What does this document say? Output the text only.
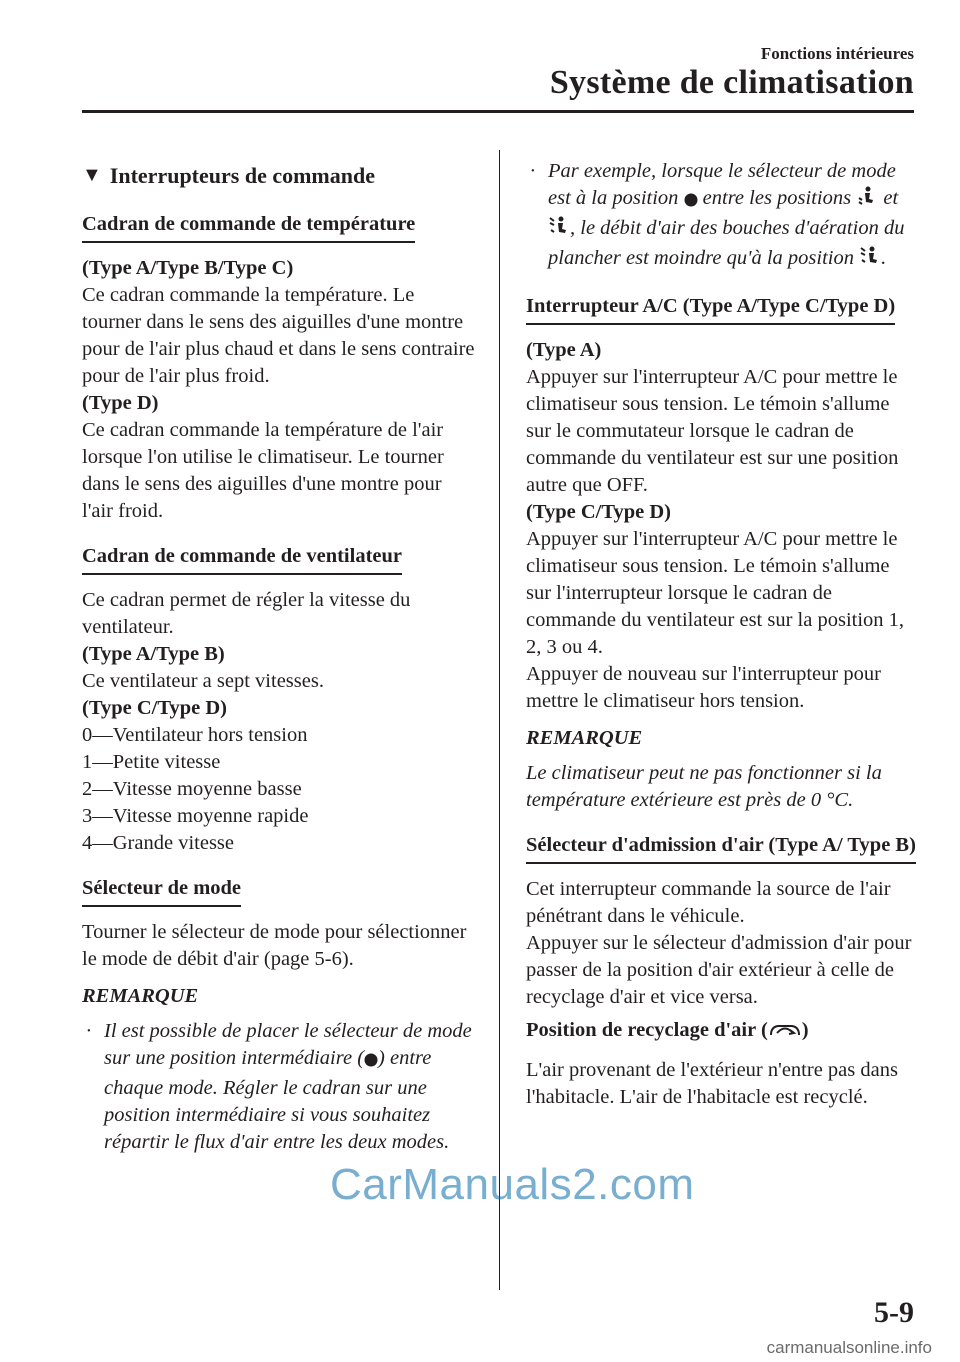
Fonctions intérieures
Système de climatisation
▼ Interrupteurs de commande
Cadran de commande de température

(Type A/Type B/Type C)

Ce cadran commande la température. Le tourner dans le sens des aiguilles d'une montre pour de l'air plus chaud et dans le sens contraire pour de l'air plus froid.

(Type D)

Ce cadran commande la température de l'air lorsque l'on utilise le climatiseur. Le tourner dans le sens des aiguilles d'une montre pour l'air froid.

Cadran de commande de ventilateur

Ce cadran permet de régler la vitesse du ventilateur.

(Type A/Type B)

Ce ventilateur a sept vitesses.

(Type C/Type D)

0―Ventilateur hors tension

1―Petite vitesse

2―Vitesse moyenne basse

3―Vitesse moyenne rapide

4―Grande vitesse

Sélecteur de mode

Tourner le sélecteur de mode pour sélectionner le mode de débit d'air (page 5-6).

REMARQUE

· Il est possible de placer le sélecteur de mode sur une position intermédiaire ( ) entre chaque mode. Régler le cadran sur une position intermédiaire si vous souhaitez répartir le flux d'air entre les deux modes.
· Par exemple, lorsque le sélecteur de mode est à la position  entre les positions  et , le débit d'air des bouches d'aération du plancher est moindre qu'à la position .
Interrupteur A/C (Type A/Type C/Type D)

(Type A)

Appuyer sur l'interrupteur A/C pour mettre le climatiseur sous tension. Le témoin s'allume sur le commutateur lorsque le cadran de commande du ventilateur est sur une position autre que OFF.

(Type C/Type D)

Appuyer sur l'interrupteur A/C pour mettre le climatiseur sous tension. Le témoin s'allume sur l'interrupteur lorsque le cadran de commande du ventilateur est sur la position 1, 2, 3 ou 4.

Appuyer de nouveau sur l'interrupteur pour mettre le climatiseur hors tension.

REMARQUE

Le climatiseur peut ne pas fonctionner si la température extérieure est près de 0 °C.

Sélecteur d'admission d'air (Type A/ Type B)

Cet interrupteur commande la source de l'air pénétrant dans le véhicule.

Appuyer sur le sélecteur d'admission d'air pour passer de la position d'air extérieur à celle de recyclage d'air et vice versa.

Position de recyclage d'air ( )

L'air provenant de l'extérieur n'entre pas dans l'habitacle. L'air de l'habitacle est recyclé.

5-9
CarManuals2.com
carmanualsonline.info
